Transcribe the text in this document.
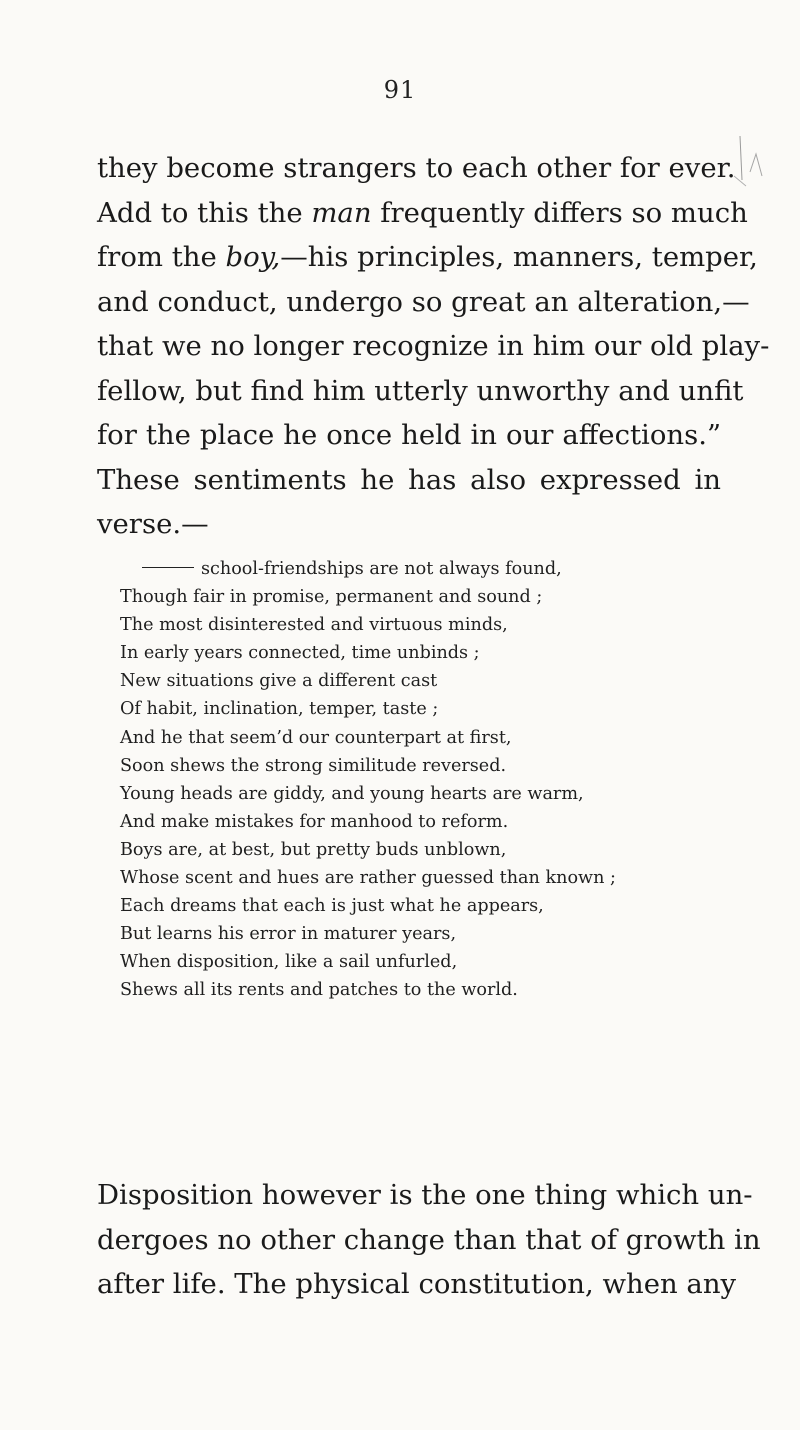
91

they become strangers to each other for ever.
Add to this the man frequently differs so much
from the boy,—his principles, manners, temper,
and conduct, undergo so great an alteration,—
that we no longer recognize in him our old play-
fellow, but find him utterly unworthy and unfit
for the place he once held in our affections.”
These sentiments he has also expressed in
verse.—

school-friendships are not always found,
Though fair in promise, permanent and sound ;
The most disinterested and virtuous minds,
In early years connected, time unbinds ;
New situations give a different cast
Of habit, inclination, temper, taste ;
And he that seem’d our counterpart at first,
Soon shews the strong similitude reversed.
Young heads are giddy, and young hearts are warm,
And make mistakes for manhood to reform.
Boys are, at best, but pretty buds unblown,
Whose scent and hues are rather guessed than known ;
Each dreams that each is just what he appears,
But learns his error in maturer years,
When disposition, like a sail unfurled,
Shews all its rents and patches to the world.

Disposition however is the one thing which un-
dergoes no other change than that of growth in
after life. The physical constitution, when any
